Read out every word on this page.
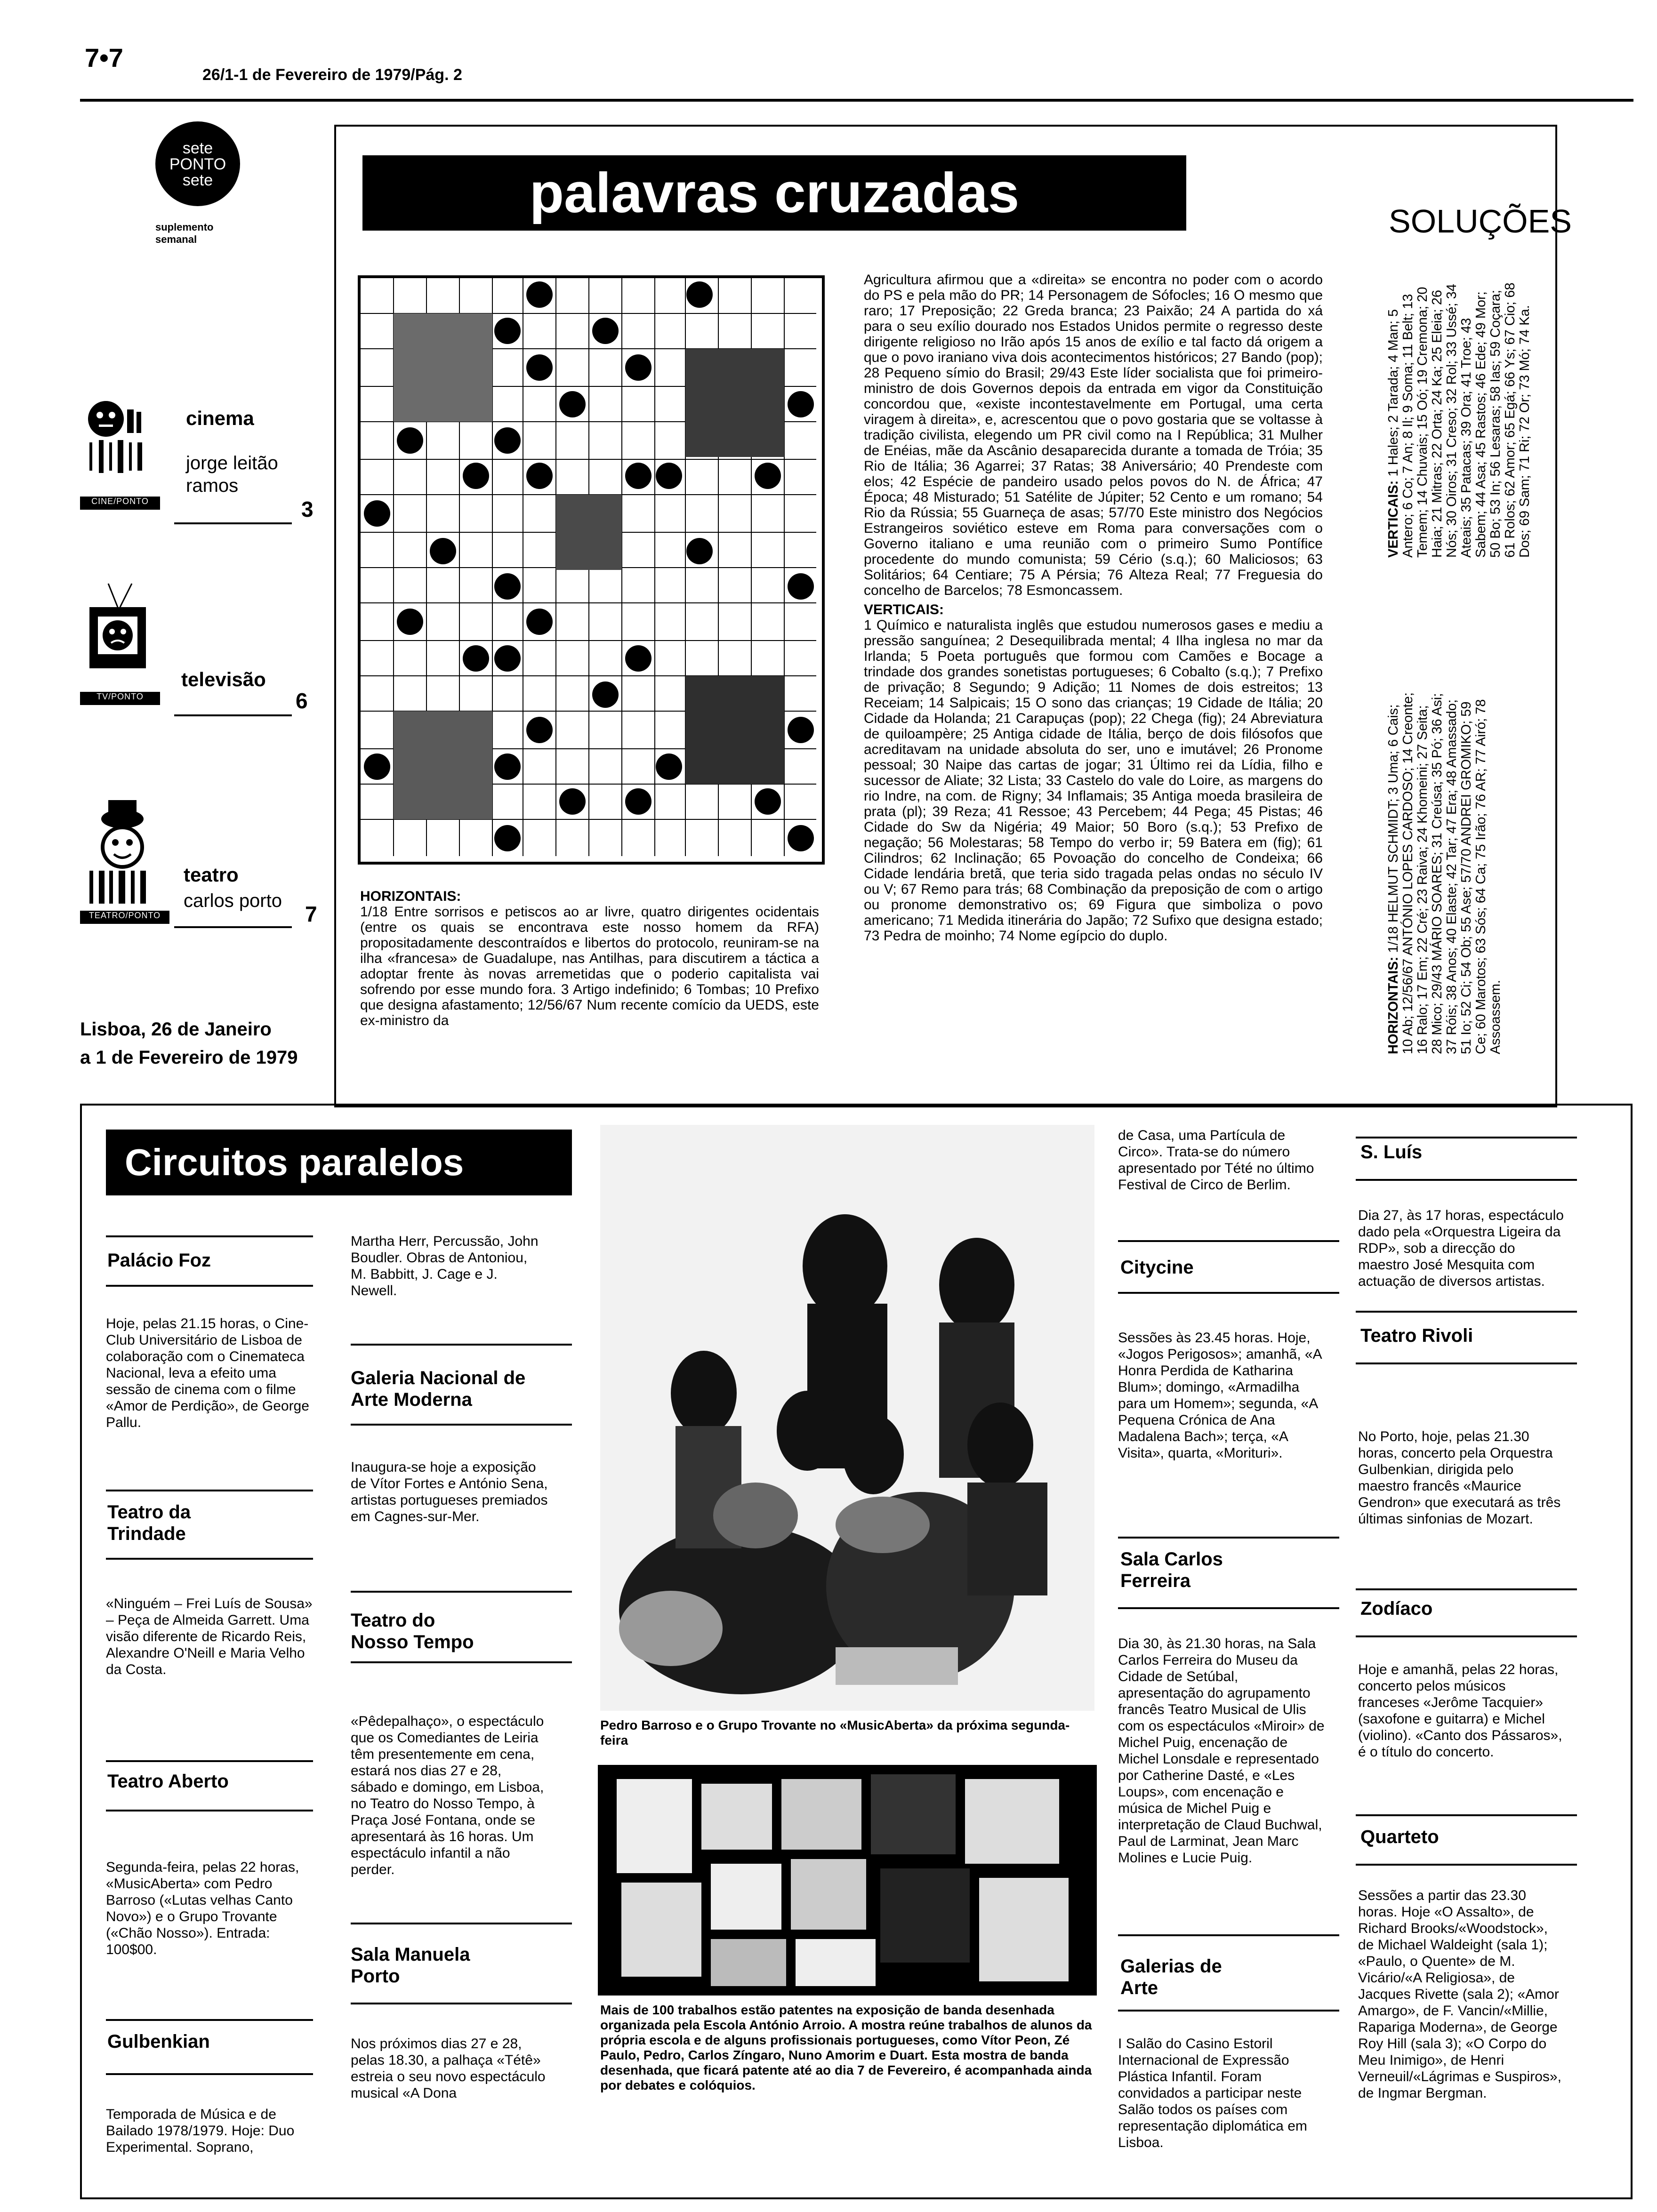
7•7
26/1-1 de Fevereiro de 1979/Pág. 2
sete
PONTO
sete
suplemento semanal
CINE/PONTO
cinema
jorge leitão ramos
3
TV/PONTO
televisão
6
TEATRO/PONTO
teatro
carlos porto
7
Lisboa, 26 de Janeiro
a 1 de Fevereiro de 1979
palavras cruzadas	SOLUÇÕES
HORIZONTAIS:
1/18 Entre sorrisos e petiscos ao ar livre, quatro dirigentes ocidentais (entre os quais se encontrava este nosso homem da RFA) propositadamente descontraídos e libertos do protocolo, reuniram-se na ilha «francesa» de Guadalupe, nas Antilhas, para discutirem a táctica a adoptar frente às novas arremetidas que o poderio capitalista vai sofrendo por esse mundo fora. 3 Artigo indefinido; 6 Tombas; 10 Prefixo que designa afastamento; 12/56/67 Num recente comício da UEDS, este ex-ministro da
Agricultura afirmou que a «direita» se encontra no poder com o acordo do PS e pela mão do PR; 14 Personagem de Sófocles; 16 O mesmo que raro; 17 Preposição; 22 Greda branca; 23 Paixão; 24 A partida do xá para o seu exílio dourado nos Estados Unidos permite o regresso deste dirigente religioso no Irão após 15 anos de exílio e tal facto dá origem a que o povo iraniano viva dois acontecimentos históricos; 27 Bando (pop); 28 Pequeno símio do Brasil; 29/43 Este líder socialista que foi primeiro-ministro de dois Governos depois da entrada em vigor da Constituição concordou que, «existe incontestavelmente em Portugal, uma certa viragem à direita», e, acrescentou que o povo gostaria que se voltasse à tradição civilista, elegendo um PR civil como na I República; 31 Mulher de Enéias, mãe da Ascânio desaparecida durante a tomada de Tróia; 35 Rio de Itália; 36 Agarrei; 37 Ratas; 38 Aniversário; 40 Prendeste com elos; 42 Espécie de pandeiro usado pelos povos do N. de África; 47 Época; 48 Misturado; 51 Satélite de Júpiter; 52 Cento e um romano; 54 Rio da Rússia; 55 Guarneça de asas; 57/70 Este ministro dos Negócios Estrangeiros soviético esteve em Roma para conversações com o Governo italiano e uma reunião com o primeiro Sumo Pontífice procedente do mundo comunista; 59 Cério (s.q.); 60 Maliciosos; 63 Solitários; 64 Centiare; 75 A Pérsia; 76 Alteza Real; 77 Freguesia do concelho de Barcelos; 78 Esmoncassem.
VERTICAIS:
1 Químico e naturalista inglês que estudou numerosos gases e mediu a pressão sanguínea; 2 Desequilibrada mental; 4 Ilha inglesa no mar da Irlanda; 5 Poeta português que formou com Camões e Bocage a trindade dos grandes sonetistas portugueses; 6 Cobalto (s.q.); 7 Prefixo de privação; 8 Segundo; 9 Adição; 11 Nomes de dois estreitos; 13 Receiam; 14 Salpicais; 15 O sono das crianças; 19 Cidade de Itália; 20 Cidade da Holanda; 21 Carapuças (pop); 22 Chega (fig); 24 Abreviatura de quiloampère; 25 Antiga cidade de Itália, berço de dois filósofos que acreditavam na unidade absoluta do ser, uno e imutável; 26 Pronome pessoal; 30 Naipe das cartas de jogar; 31 Último rei da Lídia, filho e sucessor de Aliate; 32 Lista; 33 Castelo do vale do Loire, as margens do rio Indre, na com. de Rigny; 34 Inflamais; 35 Antiga moeda brasileira de prata (pl); 39 Reza; 41 Ressoe; 43 Percebem; 44 Pega; 45 Pistas; 46 Cidade do Sw da Nigéria; 49 Maior; 50 Boro (s.q.); 53 Prefixo de negação; 56 Molestaras; 58 Tempo do verbo ir; 59 Batera em (fig); 61 Cilindros; 62 Inclinação; 65 Povoação do concelho de Condeixa; 66 Cidade lendária bretã, que teria sido tragada pelas ondas no século IV ou V; 67 Remo para trás; 68 Combinação da preposição de com o artigo ou pronome demonstrativo os; 69 Figura que simboliza o povo americano; 71 Medida itinerária do Japão; 72 Sufixo que designa estado; 73 Pedra de moinho; 74 Nome egípcio do duplo.
VERTICAIS: 1 Hales; 2 Tarada; 4 Man; 5 Antero; 6 Co; 7 An; 8 Il; 9 Soma; 11 Belt; 13 Temem; 14 Chuvais; 15 Oó; 19 Cremona; 20 Haia; 21 Mitras; 22 Orta; 24 Ka; 25 Eleia; 26 Nós; 30 Oiros; 31 Creso; 32 Rol; 33 Ussé; 34 Ateais; 35 Patacas; 39 Ora; 41 Troe; 43 Sabem; 44 Asa; 45 Rastos; 46 Ede; 49 Mor; 50 Bo; 53 In; 56 Lesaras; 58 Ias; 59 Coçara; 61 Rolos; 62 Amor; 65 Egá; 66 Ys; 67 Cio; 68 Dos; 69 Sam; 71 Ri; 72 Or; 73 Mó; 74 Ka.
HORIZONTAIS: 1/18 HELMUT SCHMIDT; 3 Uma; 6 Cais; 10 Ab; 12/56/67 ANTÓNIO LOPES CARDOSO; 14 Creonte; 16 Ralo; 17 Em; 22 Cré; 23 Raiva; 24 Khomeini; 27 Seita; 28 Mico; 29/43 MÁRIO SOARES; 31 Creúsa; 35 Pó; 36 Asi; 37 Róis; 38 Anos; 40 Elaste; 42 Tar; 47 Era; 48 Amassado; 51 Io; 52 Ci; 54 Ob; 55 Ase; 57/70 ANDREI GROMIKO; 59 Ce; 60 Marotos; 63 Sós; 64 Ca; 75 Irão; 76 AR; 77 Airó; 78 Assoassem.
Circuitos paralelos
Palácio Foz
Hoje, pelas 21.15 horas, o Cine-Club Universitário de Lisboa de colaboração com o Cinemateca Nacional, leva a efeito uma sessão de cinema com o filme «Amor de Perdição», de George Pallu.
Teatro da Trindade
«Ninguém – Frei Luís de Sousa» – Peça de Almeida Garrett. Uma visão diferente de Ricardo Reis, Alexandre O'Neill e Maria Velho da Costa.
Teatro Aberto
Segunda-feira, pelas 22 horas, «MusicAberta» com Pedro Barroso («Lutas velhas Canto Novo») e o Grupo Trovante («Chão Nosso»). Entrada: 100$00.
Gulbenkian
Temporada de Música e de Bailado 1978/1979. Hoje: Duo Experimental. Soprano,
Martha Herr, Percussão, John Boudler. Obras de Antoniou, M. Babbitt, J. Cage e J. Newell.
Galeria Nacional de Arte Moderna
Inaugura-se hoje a exposição de Vítor Fortes e António Sena, artistas portugueses premiados em Cagnes-sur-Mer.
Teatro do Nosso Tempo
«Pêdepalhaço», o espectáculo que os Comediantes de Leiria têm presentemente em cena, estará nos dias 27 e 28, sábado e domingo, em Lisboa, no Teatro do Nosso Tempo, à Praça José Fontana, onde se apresentará às 16 horas. Um espectáculo infantil a não perder.
Sala Manuela Porto
Nos próximos dias 27 e 28, pelas 18.30, a palhaça «Tétê» estreia o seu novo espectáculo musical «A Dona
Pedro Barroso e o Grupo Trovante no «MusicAberta» da próxima segunda-feira
Mais de 100 trabalhos estão patentes na exposição de banda desenhada organizada pela Escola António Arroio. A mostra reúne trabalhos de alunos da própria escola e de alguns profissionais portugueses, como Vítor Peon, Zé Paulo, Pedro, Carlos Zíngaro, Nuno Amorim e Duart. Esta mostra de banda desenhada, que ficará patente até ao dia 7 de Fevereiro, é acompanhada ainda por debates e colóquios.
de Casa, uma Partícula de Circo». Trata-se do número apresentado por Tété no último Festival de Circo de Berlim.
Citycine
Sessões às 23.45 horas. Hoje, «Jogos Perigosos»; amanhã, «A Honra Perdida de Katharina Blum»; domingo, «Armadilha para um Homem»; segunda, «A Pequena Crónica de Ana Madalena Bach»; terça, «A Visita», quarta, «Morituri».
Sala Carlos Ferreira
Dia 30, às 21.30 horas, na Sala Carlos Ferreira do Museu da Cidade de Setúbal, apresentação do agrupamento francês Teatro Musical de Ulis com os espectáculos «Miroir» de Michel Puig, encenação de Michel Lonsdale e representado por Catherine Dasté, e «Les Loups», com encenação e música de Michel Puig e interpretação de Claud Buchwal, Paul de Larminat, Jean Marc Molines e Lucie Puig.
Galerias de Arte
I Salão do Casino Estoril Internacional de Expressão Plástica Infantil. Foram convidados a participar neste Salão todos os países com representação diplomática em Lisboa.
S. Luís
Dia 27, às 17 horas, espectáculo dado pela «Orquestra Ligeira da RDP», sob a direcção do maestro José Mesquita com actuação de diversos artistas.
Teatro Rivoli
No Porto, hoje, pelas 21.30 horas, concerto pela Orquestra Gulbenkian, dirigida pelo maestro francês «Maurice Gendron» que executará as três últimas sinfonias de Mozart.
Zodíaco
Hoje e amanhã, pelas 22 horas, concerto pelos músicos franceses «Jerôme Tacquier» (saxofone e guitarra) e Michel (violino). «Canto dos Pássaros», é o título do concerto.
Quarteto
Sessões a partir das 23.30 horas. Hoje «O Assalto», de Richard Brooks/«Woodstock», de Michael Waldeight (sala 1); «Paulo, o Quente» de M. Vicário/«A Religiosa», de Jacques Rivette (sala 2); «Amor Amargo», de F. Vancin/«Millie, Rapariga Moderna», de George Roy Hill (sala 3); «O Corpo do Meu Inimigo», de Henri Verneuil/«Lágrimas e Suspiros», de Ingmar Bergman.
